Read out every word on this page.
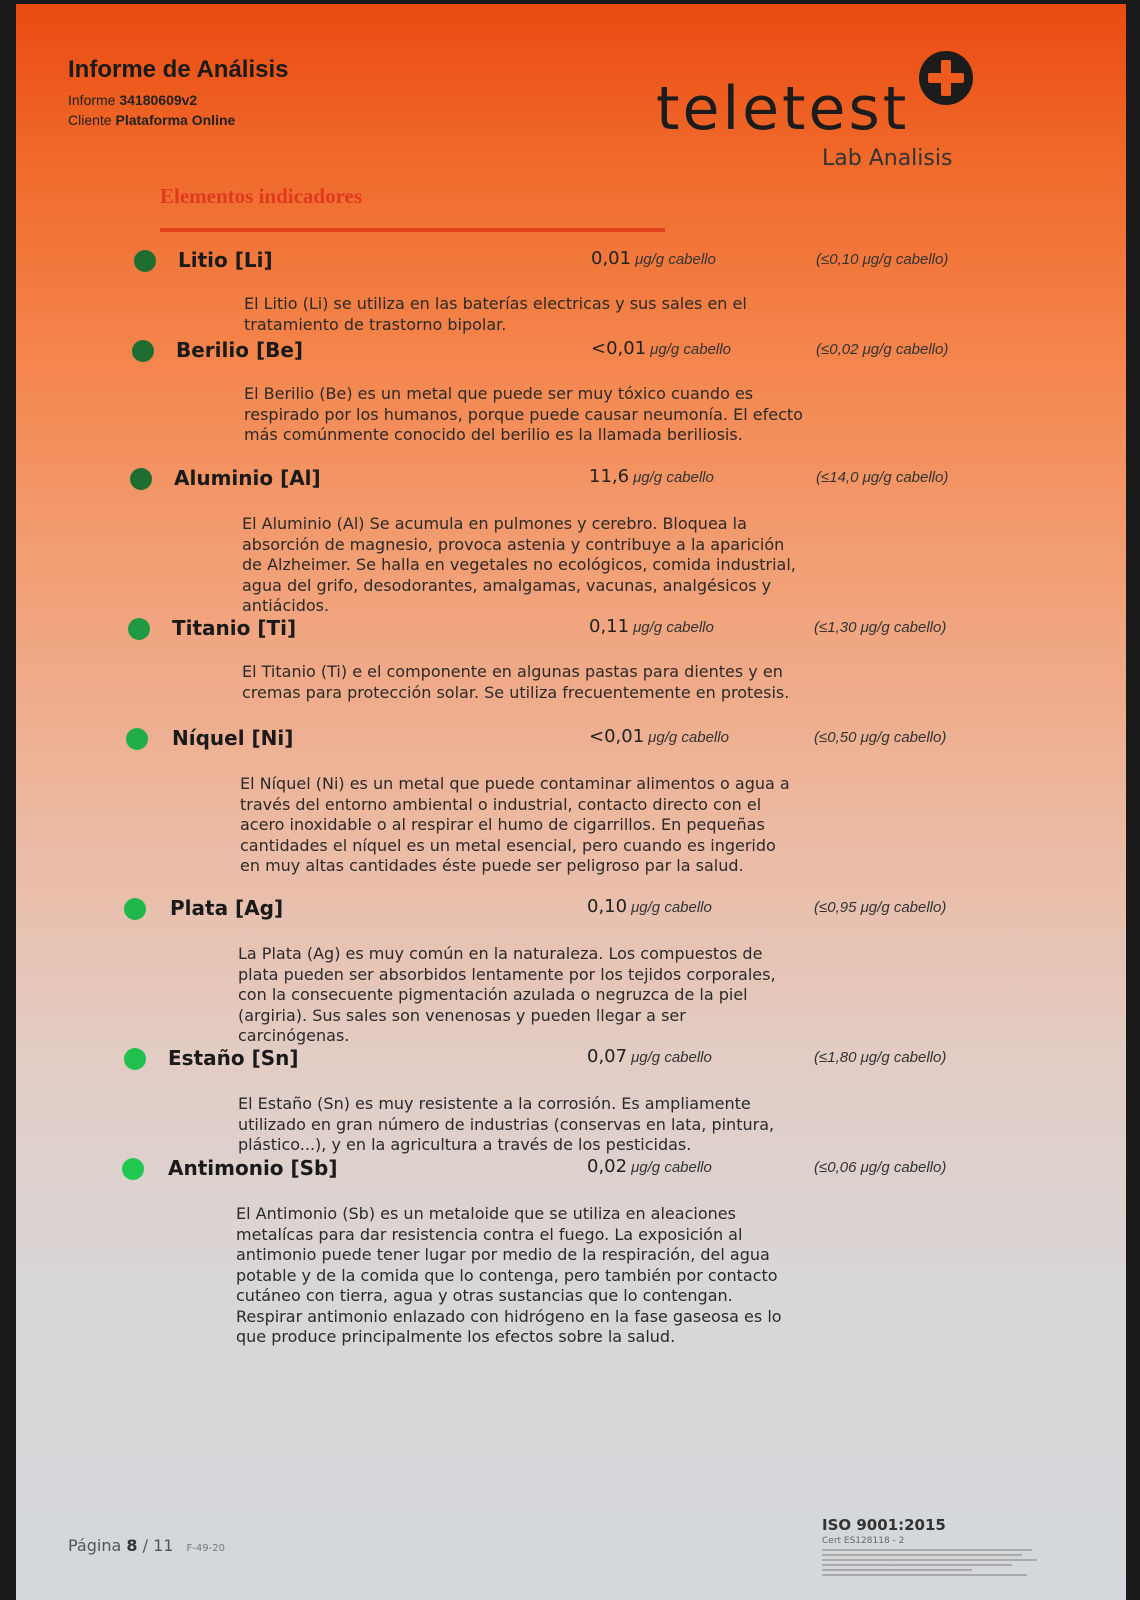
Informe de Análisis
Informe 34180609v2
Cliente Plataforma Online	teletest
Lab Analisis
Elementos indicadores
Litio [Li]	0,01 μg/g cabello	(≤0,10 μg/g cabello)
El Litio (Li) se utiliza en las baterías electricas y sus sales en el tratamiento de trastorno bipolar.
Berilio [Be]	<0,01 μg/g cabello	(≤0,02 μg/g cabello)
El Berilio (Be) es un metal que puede ser muy tóxico cuando es respirado por los humanos, porque puede causar neumonía. El efecto más comúnmente conocido del berilio es la llamada beriliosis.
Aluminio [Al]	11,6 μg/g cabello	(≤14,0 μg/g cabello)
El Aluminio (Al) Se acumula en pulmones y cerebro. Bloquea la absorción de magnesio, provoca astenia y contribuye a la aparición de Alzheimer. Se halla en vegetales no ecológicos, comida industrial, agua del grifo, desodorantes, amalgamas, vacunas, analgésicos y antiácidos.
Titanio [Ti]	0,11 μg/g cabello	(≤1,30 μg/g cabello)
El Titanio (Ti) e el componente en algunas pastas para dientes y en cremas para protección solar. Se utiliza frecuentemente en protesis.
Níquel [Ni]	<0,01 μg/g cabello	(≤0,50 μg/g cabello)
El Níquel (Ni) es un metal que puede contaminar alimentos o agua a través del entorno ambiental o industrial, contacto directo con el acero inoxidable o al respirar el humo de cigarrillos. En pequeñas cantidades el níquel es un metal esencial, pero cuando es ingerido en muy altas cantidades éste puede ser peligroso par la salud.
Plata [Ag]	0,10 μg/g cabello	(≤0,95 μg/g cabello)
La Plata (Ag) es muy común en la naturaleza. Los compuestos de plata pueden ser absorbidos lentamente por los tejidos corporales, con la consecuente pigmentación azulada o negruzca de la piel (argiria). Sus sales son venenosas y pueden llegar a ser carcinógenas.
Estaño [Sn]	0,07 μg/g cabello	(≤1,80 μg/g cabello)
El Estaño (Sn) es muy resistente a la corrosión. Es ampliamente utilizado en gran número de industrias (conservas en lata, pintura, plástico...), y en la agricultura a través de los pesticidas.
Antimonio [Sb]	0,02 μg/g cabello	(≤0,06 μg/g cabello)
El Antimonio (Sb) es un metaloide que se utiliza en aleaciones metalícas para dar resistencia contra el fuego. La exposición al antimonio puede tener lugar por medio de la respiración, del agua potable y de la comida que lo contenga, pero también por contacto cutáneo con tierra, agua y otras sustancias que lo contengan. Respirar antimonio enlazado con hidrógeno en la fase gaseosa es lo que produce principalmente los efectos sobre la salud.
Página 8 / 11 F-49-20
ISO 9001:2015
Cert ES128118 - 2
